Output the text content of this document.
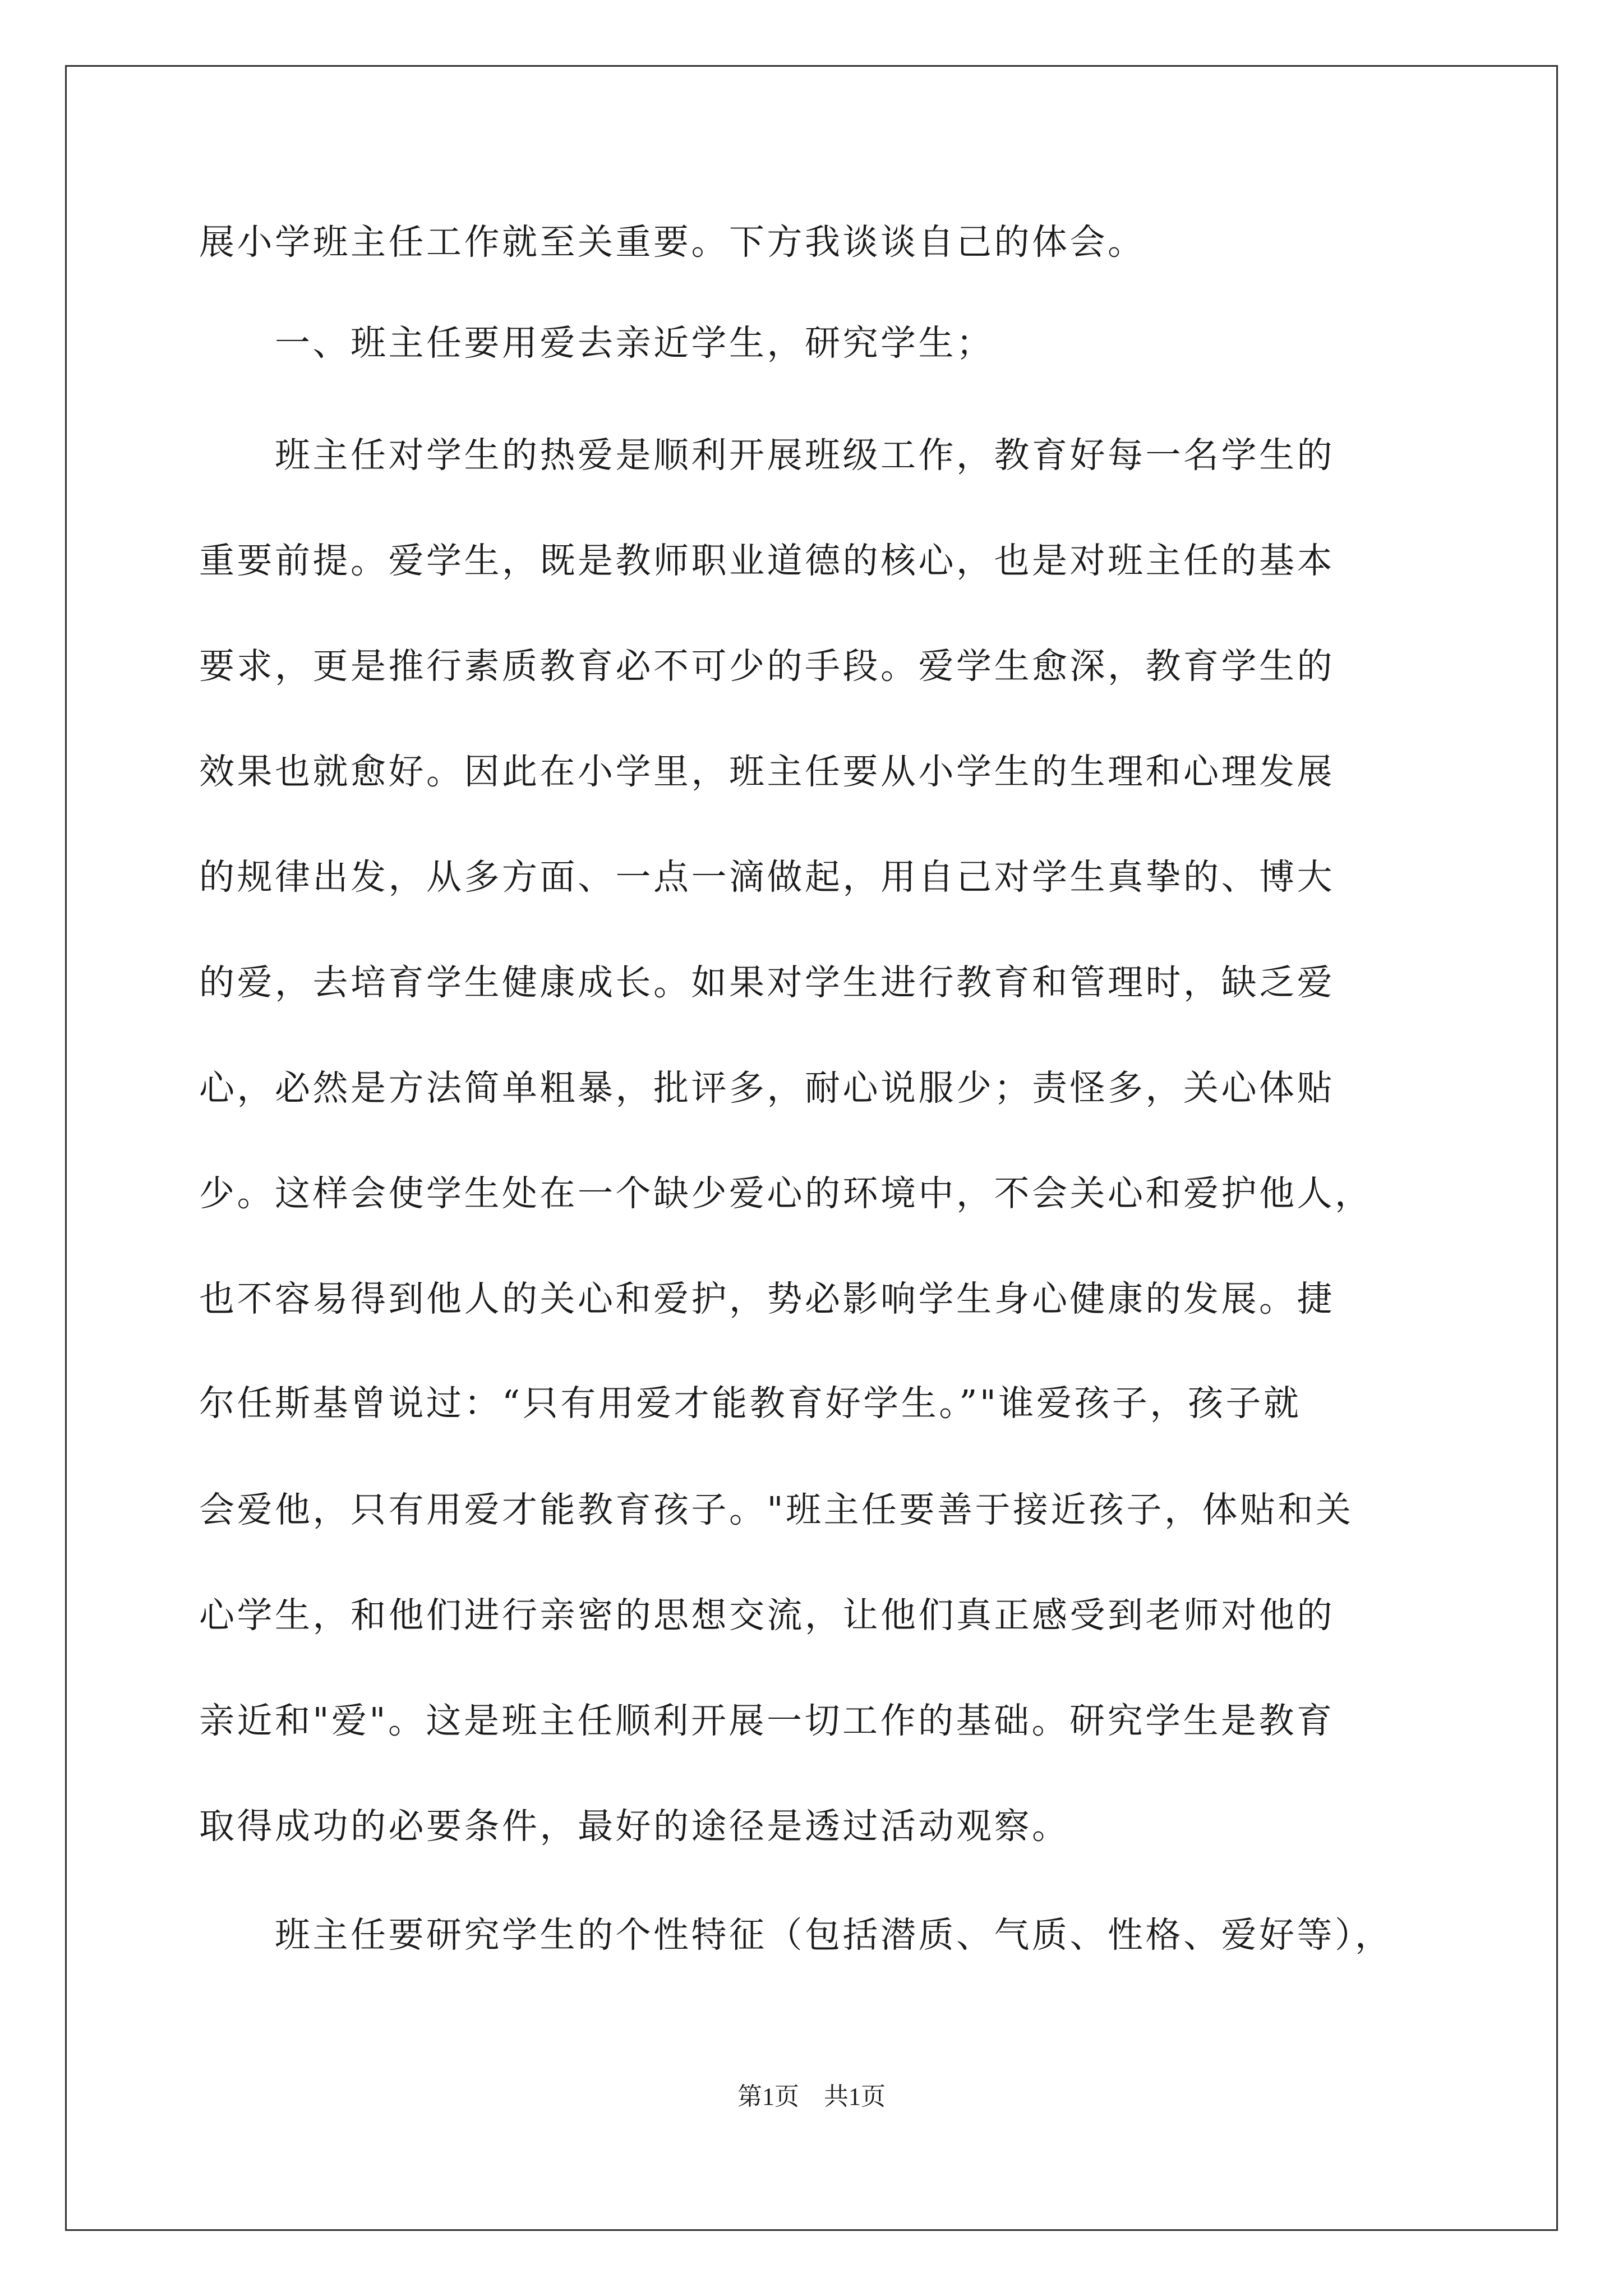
展小学班主任工作就至关重要。下方我谈谈自己的体会。
　　一、班主任要用爱去亲近学生，研究学生；
　　班主任对学生的热爱是顺利开展班级工作，教育好每一名学生的
重要前提。爱学生，既是教师职业道德的核心，也是对班主任的基本
要求，更是推行素质教育必不可少的手段。爱学生愈深，教育学生的
效果也就愈好。因此在小学里，班主任要从小学生的生理和心理发展
的规律出发，从多方面、一点一滴做起，用自己对学生真挚的、博大
的爱，去培育学生健康成长。如果对学生进行教育和管理时，缺乏爱
心，必然是方法简单粗暴，批评多，耐心说服少；责怪多，关心体贴
少。这样会使学生处在一个缺少爱心的环境中，不会关心和爱护他人，
也不容易得到他人的关心和爱护，势必影响学生身心健康的发展。捷
尔任斯基曾说过：“只有用爱才能教育好学生。”"谁爱孩子，孩子就
会爱他，只有用爱才能教育孩子。"班主任要善于接近孩子，体贴和关
心学生，和他们进行亲密的思想交流，让他们真正感受到老师对他的
亲近和"爱"。这是班主任顺利开展一切工作的基础。研究学生是教育
取得成功的必要条件，最好的途径是透过活动观察。
　　班主任要研究学生的个性特征（包括潜质、气质、性格、爱好等），
第1页　共1页
